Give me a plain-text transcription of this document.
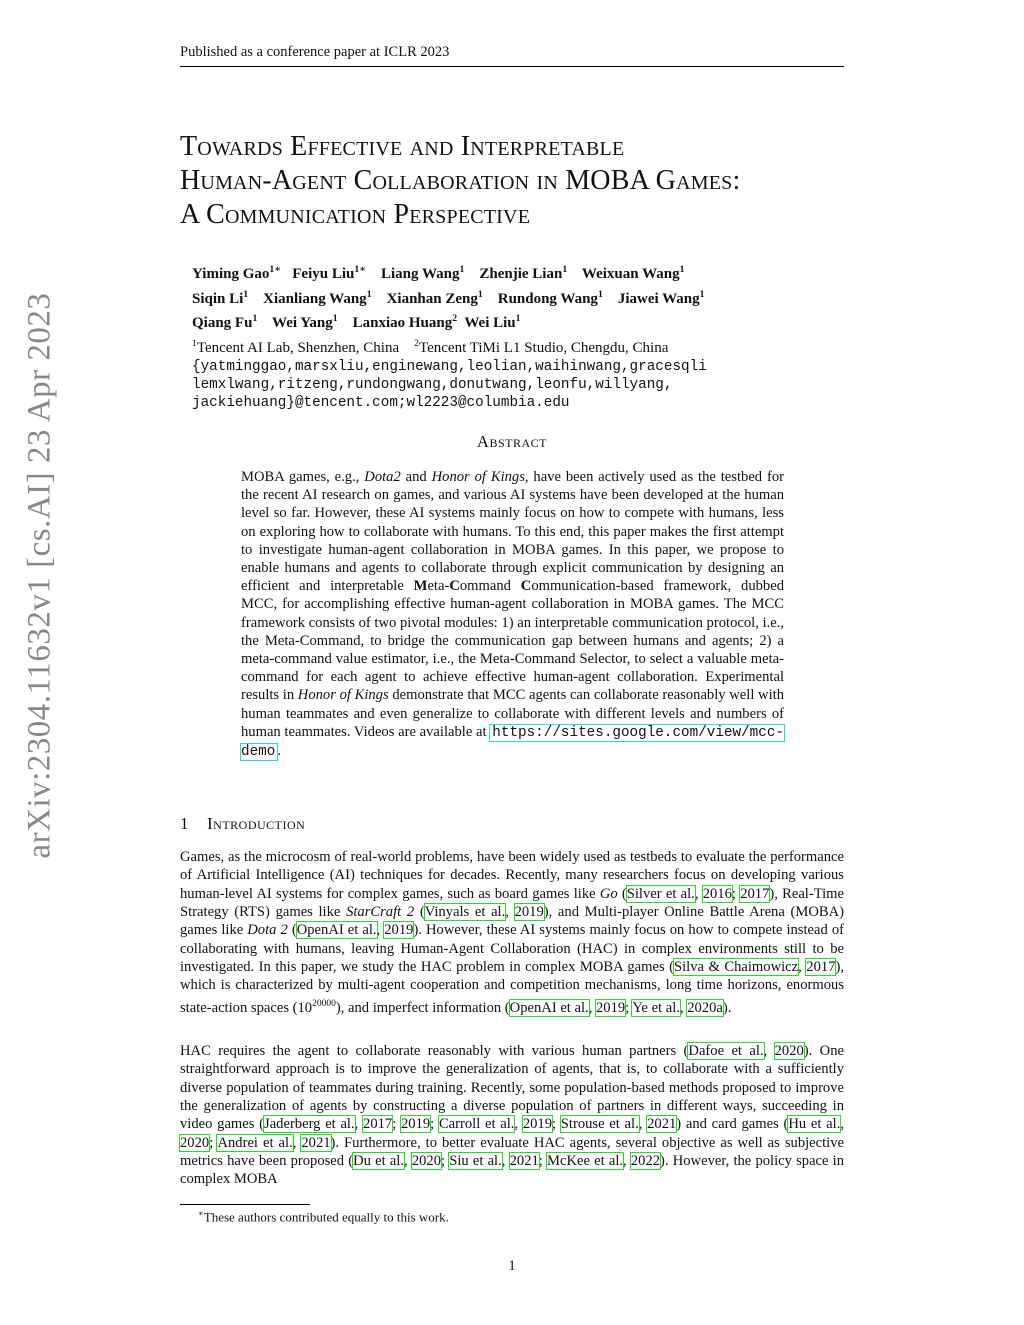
Published as a conference paper at ICLR 2023
arXiv:2304.11632v1 [cs.AI] 23 Apr 2023
Towards Effective and Interpretable
Human-Agent Collaboration in MOBA Games:
A Communication Perspective
Yiming Gao$^{1∗}$ Feiyu Liu$^{1∗}$ Liang Wang$^1$ Zhenjie Lian$^1$ Weixuan Wang$^1$
Siqin Li$^1$ Xianliang Wang$^1$ Xianhan Zeng$^1$ Rundong Wang$^1$ Jiawei Wang$^1$
Qiang Fu$^1$ Wei Yang$^1$ Lanxiao Huang$^2$ Wei Liu$^1$
$^1$Tencent AI Lab, Shenzhen, China $^2$Tencent TiMi L1 Studio, Chengdu, China
{yatminggao,marsxliu,enginewang,leolian,waihinwang,gracesqli
lemxlwang,ritzeng,rundongwang,donutwang,leonfu,willyang,
jackiehuang}@tencent.com;wl2223@columbia.edu
Abstract
MOBA games, e.g., Dota2 and Honor of Kings, have been actively used as the testbed for the recent AI research on games, and various AI systems have been developed at the human level so far. However, these AI systems mainly focus on how to compete with humans, less on exploring how to collaborate with humans. To this end, this paper makes the first attempt to investigate human-agent collaboration in MOBA games. In this paper, we propose to enable humans and agents to collaborate through explicit communication by designing an efficient and interpretable Meta-Command Communication-based framework, dubbed MCC, for accomplishing effective human-agent collaboration in MOBA games. The MCC framework consists of two pivotal modules: 1) an interpretable communication protocol, i.e., the Meta-Command, to bridge the communication gap between humans and agents; 2) a meta-command value estimator, i.e., the Meta-Command Selector, to select a valuable meta-command for each agent to achieve effective human-agent collaboration. Experimental results in Honor of Kings demonstrate that MCC agents can collaborate reasonably well with human teammates and even generalize to collaborate with different levels and numbers of human teammates. Videos are available at https://sites.google.com/view/mcc-demo .
1 Introduction
Games, as the microcosm of real-world problems, have been widely used as testbeds to evaluate the performance of Artificial Intelligence (AI) techniques for decades. Recently, many researchers focus on developing various human-level AI systems for complex games, such as board games like Go (Silver et al., 2016; 2017), Real-Time Strategy (RTS) games like StarCraft 2 (Vinyals et al., 2019), and Multi-player Online Battle Arena (MOBA) games like Dota 2 (OpenAI et al., 2019). However, these AI systems mainly focus on how to compete instead of collaborating with humans, leaving Human-Agent Collaboration (HAC) in complex environments still to be investigated. In this paper, we study the HAC problem in complex MOBA games (Silva & Chaimowicz, 2017), which is characterized by multi-agent cooperation and competition mechanisms, long time horizons, enormous state-action spaces $(10^{20000})$, and imperfect information (OpenAI et al., 2019; Ye et al., 2020a).
HAC requires the agent to collaborate reasonably with various human partners (Dafoe et al., 2020). One straightforward approach is to improve the generalization of agents, that is, to collaborate with a sufficiently diverse population of teammates during training. Recently, some population-based methods proposed to improve the generalization of agents by constructing a diverse population of partners in different ways, succeeding in video games (Jaderberg et al., 2017; 2019; Carroll et al., 2019; Strouse et al., 2021) and card games (Hu et al., 2020; Andrei et al., 2021). Furthermore, to better evaluate HAC agents, several objective as well as subjective metrics have been proposed (Du et al., 2020; Siu et al., 2021; McKee et al., 2022). However, the policy space in complex MOBA
∗These authors contributed equally to this work.
1
